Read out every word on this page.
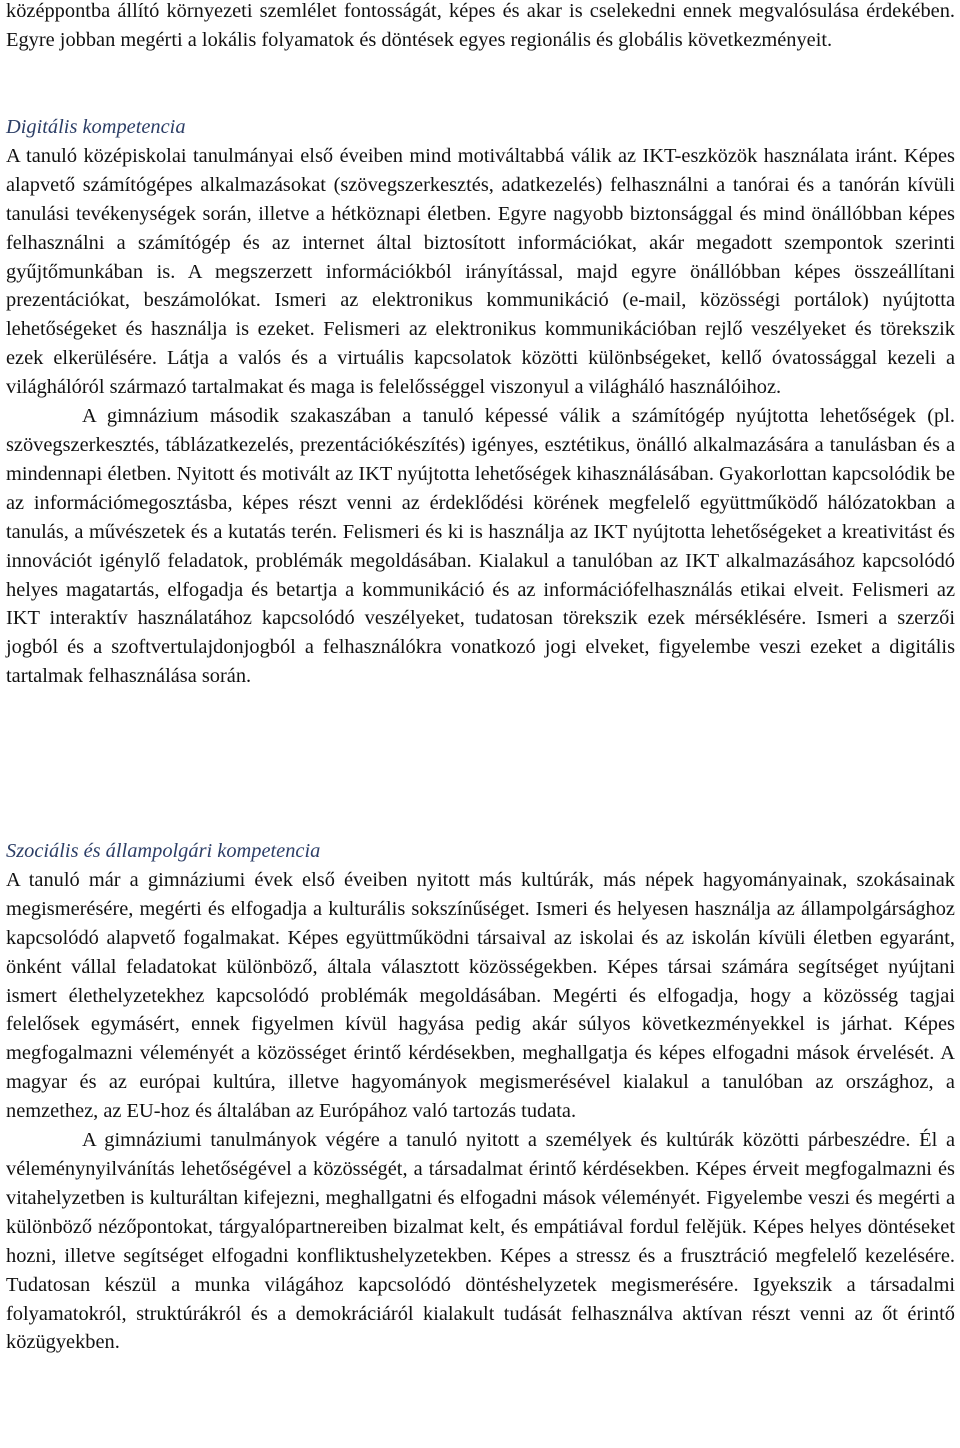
középpontba állító környezeti szemlélet fontosságát, képes és akar is cselekedni ennek megvalósulása érdekében. Egyre jobban megérti a lokális folyamatok és döntések egyes regionális és globális következményeit.

Digitális kompetencia

A tanuló középiskolai tanulmányai első éveiben mind motiváltabbá válik az IKT-eszközök használata iránt. Képes alapvető számítógépes alkalmazásokat (szövegszerkesztés, adatkezelés) felhasználni a tanórai és a tanórán kívüli tanulási tevékenységek során, illetve a hétköznapi életben. Egyre nagyobb biztonsággal és mind önállóbban képes felhasználni a számítógép és az internet által biztosított információkat, akár megadott szempontok szerinti gyűjtőmunkában is. A megszerzett információkból irányítással, majd egyre önállóbban képes összeállítani prezentációkat, beszámolókat. Ismeri az elektronikus kommunikáció (e-mail, közösségi portálok) nyújtotta lehetőségeket és használja is ezeket. Felismeri az elektronikus kommunikációban rejlő veszélyeket és törekszik ezek elkerülésére. Látja a valós és a virtuális kapcsolatok közötti különbségeket, kellő óvatossággal kezeli a világhálóról származó tartalmakat és maga is felelősséggel viszonyul a világháló használóihoz.

A gimnázium második szakaszában a tanuló képessé válik a számítógép nyújtotta lehetőségek (pl. szövegszerkesztés, táblázatkezelés, prezentációkészítés) igényes, esztétikus, önálló alkalmazására a tanulásban és a mindennapi életben. Nyitott és motivált az IKT nyújtotta lehetőségek kihasználásában. Gyakorlottan kapcsolódik be az információmegosztásba, képes részt venni az érdeklődési körének megfelelő együttműködő hálózatokban a tanulás, a művészetek és a kutatás terén. Felismeri és ki is használja az IKT nyújtotta lehetőségeket a kreativitást és innovációt igénylő feladatok, problémák megoldásában. Kialakul a tanulóban az IKT alkalmazásához kapcsolódó helyes magatartás, elfogadja és betartja a kommunikáció és az információfelhasználás etikai elveit. Felismeri az IKT interaktív használatához kapcsolódó veszélyeket, tudatosan törekszik ezek mérséklésére. Ismeri a szerzői jogból és a szoftvertulajdonjogból a felhasználókra vonatkozó jogi elveket, figyelembe veszi ezeket a digitális tartalmak felhasználása során.

Szociális és állampolgári kompetencia

A tanuló már a gimnáziumi évek első éveiben nyitott más kultúrák, más népek hagyományainak, szokásainak megismerésére, megérti és elfogadja a kulturális sokszínűséget. Ismeri és helyesen használja az állampolgársághoz kapcsolódó alapvető fogalmakat. Képes együttműködni társaival az iskolai és az iskolán kívüli életben egyaránt, önként vállal feladatokat különböző, általa választott közösségekben. Képes társai számára segítséget nyújtani ismert élethelyzetekhez kapcsolódó problémák megoldásában. Megérti és elfogadja, hogy a közösség tagjai felelősek egymásért, ennek figyelmen kívül hagyása pedig akár súlyos következményekkel is járhat. Képes megfogalmazni véleményét a közösséget érintő kérdésekben, meghallgatja és képes elfogadni mások érvelését. A magyar és az európai kultúra, illetve hagyományok megismerésével kialakul a tanulóban az országhoz, a nemzethez, az EU-hoz és általában az Európához való tartozás tudata.

A gimnáziumi tanulmányok végére a tanuló nyitott a személyek és kultúrák közötti párbeszédre. Él a véleménynyilvánítás lehetőségével a közösségét, a társadalmat érintő kérdésekben. Képes érveit megfogalmazni és vitahelyzetben is kulturáltan kifejezni, meghallgatni és elfogadni mások véleményét. Figyelembe veszi és megérti a különböző nézőpontokat, tárgyalópartnereiben bizalmat kelt, és empátiával fordul felějük. Képes helyes döntéseket hozni, illetve segítséget elfogadni konfliktushelyzetekben. Képes a stressz és a frusztráció megfelelő kezelésére. Tudatosan készül a munka világához kapcsolódó döntéshelyzetek megismerésére. Igyekszik a társadalmi folyamatokról, struktúrákról és a demokráciáról kialakult tudását felhasználva aktívan részt venni az őt érintő közügyekben.
